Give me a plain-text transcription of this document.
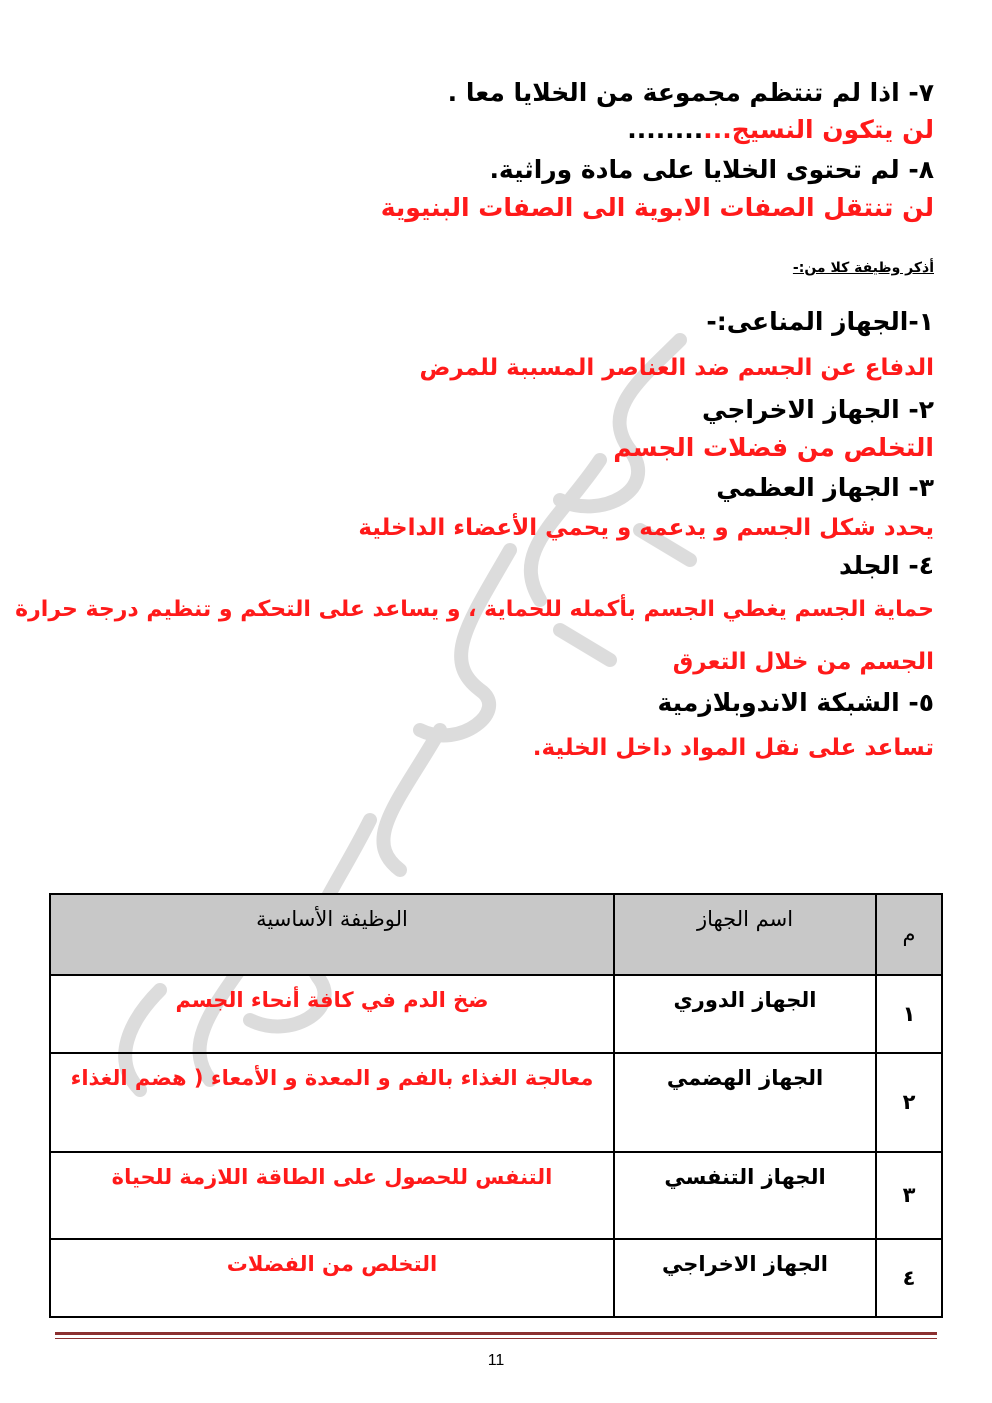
٧- اذا لم تنتظم مجموعة من الخلايا معا .

لن يتكون النسيج...........

٨- لم تحتوى الخلايا على مادة وراثية.

لن تنتقل الصفات الابوية الى الصفات البنيوية

أذكر وظيفة كلا من:-

١-الجهاز المناعى:-

الدفاع عن الجسم ضد العناصر المسببة للمرض

٢- الجهاز الاخراجي

التخلص من فضلات الجسم

٣- الجهاز العظمي

يحدد شكل الجسم و يدعمه و يحمي الأعضاء الداخلية

٤- الجلد

حماية الجسم يغطي الجسم بأكمله للحماية ، و يساعد على التحكم و تنظيم درجة حرارة

الجسم من خلال التعرق

٥- الشبكة الاندوبلازمية

تساعد على نقل المواد داخل الخلية.

م	اسم الجهاز	الوظيفة الأساسية
١	الجهاز الدوري	ضخ الدم في كافة أنحاء الجسم
٢	الجهاز الهضمي	معالجة الغذاء بالفم و المعدة و الأمعاء ( هضم الغذاء
٣	الجهاز التنفسي	التنفس للحصول على الطاقة اللازمة للحياة
٤	الجهاز الاخراجي	التخلص من الفضلات
11
